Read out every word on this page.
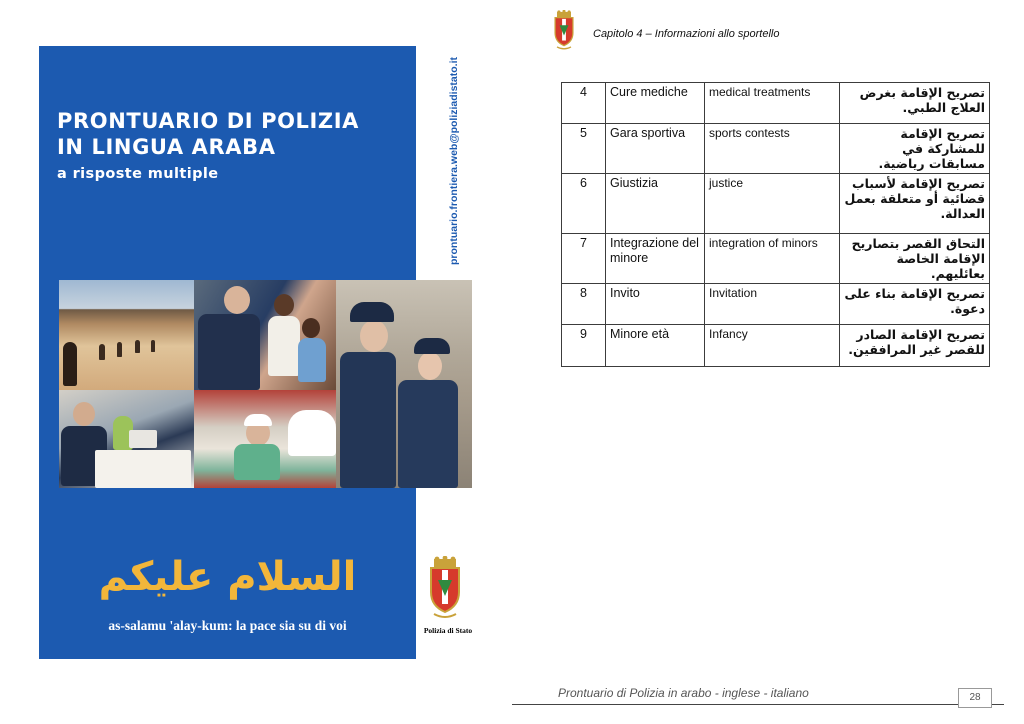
PRONTUARIO DI POLIZIA
IN LINGUA ARABA
a risposte multiple
السلام عليكم
as-salamu 'alay-kum: la pace sia su di voi
a cura del Commissario Capo Giuseppe Colasanto, Polizia di Frontiera Ventimiglia
prontuario.frontiera.web@poliziadistato.it
Polizia di Stato
Capitolo 4 – Informazioni allo sportello
4	Cure mediche	medical treatments	تصريح الإقامة بغرض العلاج الطبي.
5	Gara sportiva	sports contests	تصريح الإقامة للمشاركة في مسابقات رياضية.
6	Giustizia	justice	تصريح الإقامة لأسباب قضائية أو متعلقة بعمل العدالة.
7	Integrazione del minore	integration of minors	التحاق القصر بتصاريح الإقامة الخاصة بعائليهم.
8	Invito	Invitation	تصريح الإقامة بناء على دعوة.
9	Minore età	Infancy	تصريح الإقامة الصادر للقصر غير المرافقين.
Prontuario di Polizia in arabo - inglese - italiano	28
